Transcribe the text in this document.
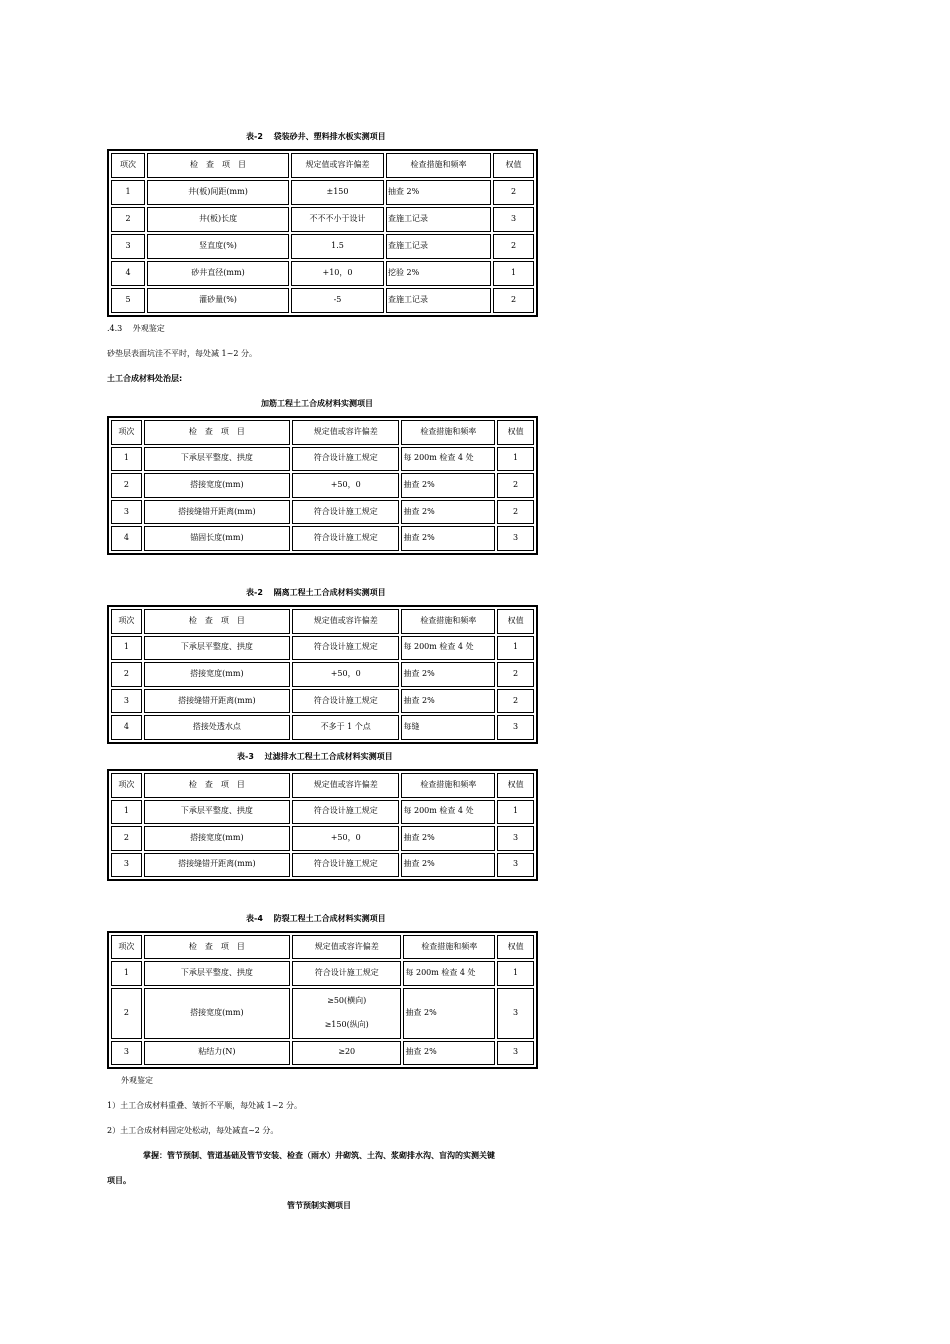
表-2　 袋装砂井、塑料排水板实测项目
项次	检　查　项　目	规定值或容许偏差	检查措施和频率	权值
1	井(板)间距(mm)	±150	抽查 2%	2
2	井(板)长度	不不不小于设计	查施工记录	3
3	竖直度(%)	1.5	查施工记录	2
4	砂井直径(mm)	+10，0	挖验 2%	1
5	灌砂量(%)	-5	查施工记录	2
.4.3　 外观鉴定
砂垫层表面坑洼不平时，每处减 1~2 分。
土工合成材料处治层:
加筋工程土工合成材料实测项目
项次	检　查　项　目	规定值或容许偏差	检查措施和频率	权值
1	下承层平整度、拱度	符合设计施工规定	每 200m 检查 4 处	1
2	搭接宽度(mm)	+50，0	抽查 2%	2
3	搭接缝错开距离(mm)	符合设计施工规定	抽查 2%	2
4	锚固长度(mm)	符合设计施工规定	抽查 2%	3
表-2　 隔离工程土工合成材料实测项目
项次	检　查　项　目	规定值或容许偏差	检查措施和频率	权值
1	下承层平整度、拱度	符合设计施工规定	每 200m 检查 4 处	1
2	搭接宽度(mm)	+50，0	抽查 2%	2
3	搭接缝错开距离(mm)	符合设计施工规定	抽查 2%	2
4	搭接处透水点	不多于 1 个点	每缝	3
表-3　 过滤排水工程土工合成材料实测项目
项次	检　查　项　目	规定值或容许偏差	检查措施和频率	权值
1	下承层平整度、拱度	符合设计施工规定	每 200m 检查 4 处	1
2	搭接宽度(mm)	+50，0	抽查 2%	3
3	搭接缝错开距离(mm)	符合设计施工规定	抽查 2%	3
表-4　 防裂工程土工合成材料实测项目
项次	检　查　项　目	规定值或容许偏差	检查措施和频率	权值
1	下承层平整度、拱度	符合设计施工规定	每 200m 检查 4 处	1
2	搭接宽度(mm)	≥50(横向)
≥150(纵向)	抽查 2%	3
3	粘结力(N)	≥20	抽查 2%	3
外观鉴定
1）土工合成材料重叠、皱折不平顺，每处减 1~2 分。
2）土工合成材料固定处松动，每处减直~2 分。
掌握：管节预制、管道基础及管节安装、检查（雨水）井砌筑、土沟、浆砌排水沟、盲沟的实测关键
项目。
管节预制实测项目
